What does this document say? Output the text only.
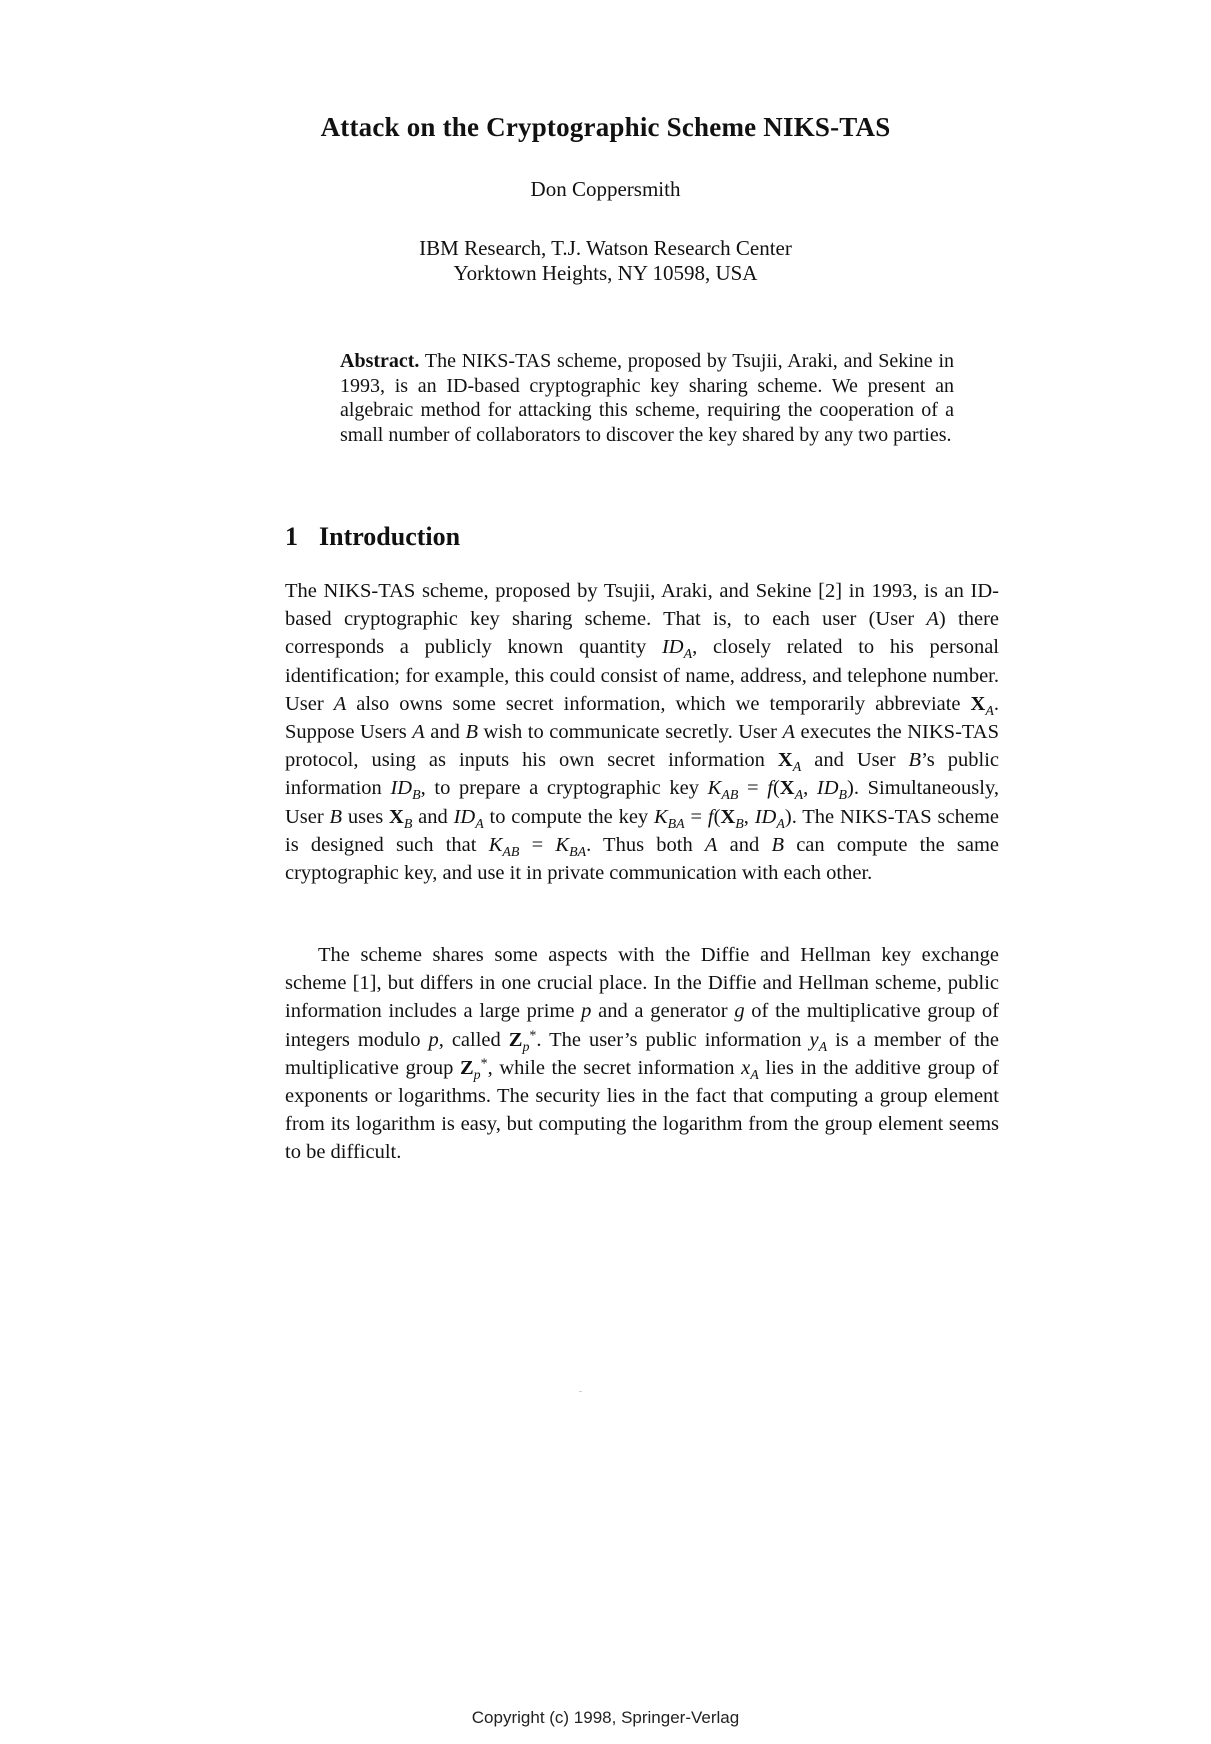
Attack on the Cryptographic Scheme NIKS-TAS
Don Coppersmith
IBM Research, T.J. Watson Research Center
Yorktown Heights, NY 10598, USA
Abstract. The NIKS-TAS scheme, proposed by Tsujii, Araki, and Sekine in 1993, is an ID-based cryptographic key sharing scheme. We present an algebraic method for attacking this scheme, requiring the cooperation of a small number of collaborators to discover the key shared by any two parties.
1 Introduction
The NIKS-TAS scheme, proposed by Tsujii, Araki, and Sekine [2] in 1993, is an ID-based cryptographic key sharing scheme. That is, to each user (User A) there corresponds a publicly known quantity $ID_A$, closely related to his personal identification; for example, this could consist of name, address, and telephone number. User A also owns some secret information, which we temporarily abbreviate $X_A$. Suppose Users A and B wish to communicate secretly. User A executes the NIKS-TAS protocol, using as inputs his own secret information $X_A$ and User B’s public information $ID_B$, to prepare a cryptographic key $K_{AB} = f(X_A$, $ID_B$). Simultaneously, User B uses $X_B$ and $ID_A$ to compute the key $K_{BA} = f(X_B$, $ID_A$). The NIKS-TAS scheme is designed such that $K_{AB} = K_{BA}$. Thus both A and B can compute the same cryptographic key, and use it in private communication with each other.
The scheme shares some aspects with the Diffie and Hellman key exchange scheme [1], but differs in one crucial place. In the Diffie and Hellman scheme, public information includes a large prime p and a generator g of the multiplicative group of integers modulo p, called $Z_p^*$. The user’s public information $y_A$ is a member of the multiplicative group $Z_p^*$, while the secret information $x_A$ lies in the additive group of exponents or logarithms. The security lies in the fact that computing a group element from its logarithm is easy, but computing the logarithm from the group element seems to be difficult.
Copyright (c) 1998, Springer-Verlag
